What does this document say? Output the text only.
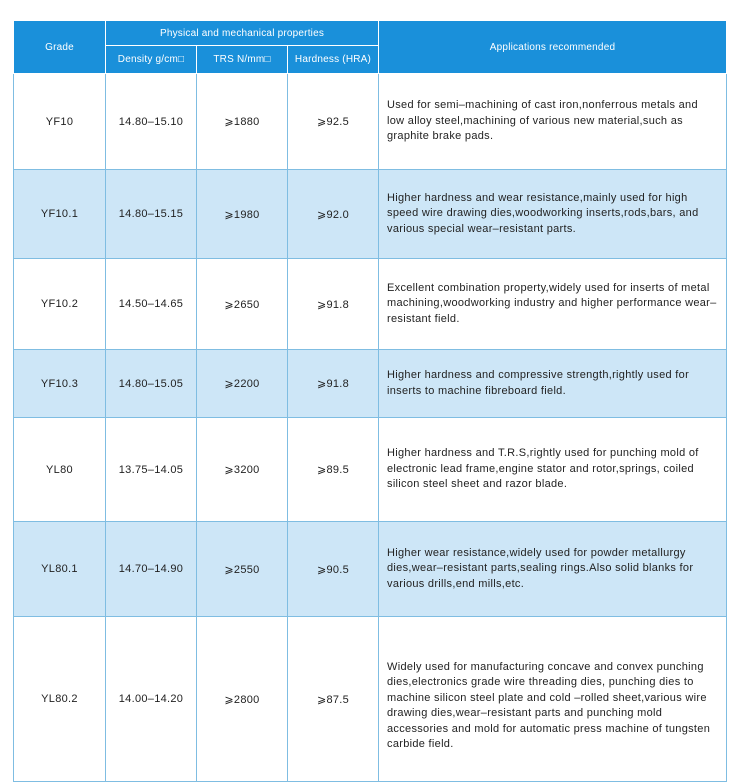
Grade	Physical and mechanical properties			Applications recommended
	Density g/cm□	TRS N/mm□	Hardness (HRA)	
YF10	14.80–15.10	⩾1880	⩾92.5	Used for semi–machining of cast iron,nonferrous metals and low alloy steel,machining of various new material,such as graphite brake pads.
YF10.1	14.80–15.15	⩾1980	⩾92.0	Higher hardness and wear resistance,mainly used for high speed wire drawing dies,woodworking inserts,rods,bars, and various special wear–resistant parts.
YF10.2	14.50–14.65	⩾2650	⩾91.8	Excellent combination property,widely used for inserts of metal machining,woodworking industry and higher performance wear–resistant field.
YF10.3	14.80–15.05	⩾2200	⩾91.8	Higher hardness and compressive strength,rightly used for inserts to machine fibreboard field.
YL80	13.75–14.05	⩾3200	⩾89.5	Higher hardness and T.R.S,rightly used for punching mold of electronic lead frame,engine stator and rotor,springs, coiled silicon steel sheet and razor blade.
YL80.1	14.70–14.90	⩾2550	⩾90.5	Higher wear resistance,widely used for powder metallurgy dies,wear–resistant parts,sealing rings.Also solid blanks for various drills,end mills,etc.
YL80.2	14.00–14.20	⩾2800	⩾87.5	Widely used for manufacturing concave and convex punching dies,electronics grade wire threading dies, punching dies to machine silicon steel plate and cold –rolled sheet,various wire drawing dies,wear–resistant parts and punching mold accessories and mold for automatic press machine of tungsten carbide field.
